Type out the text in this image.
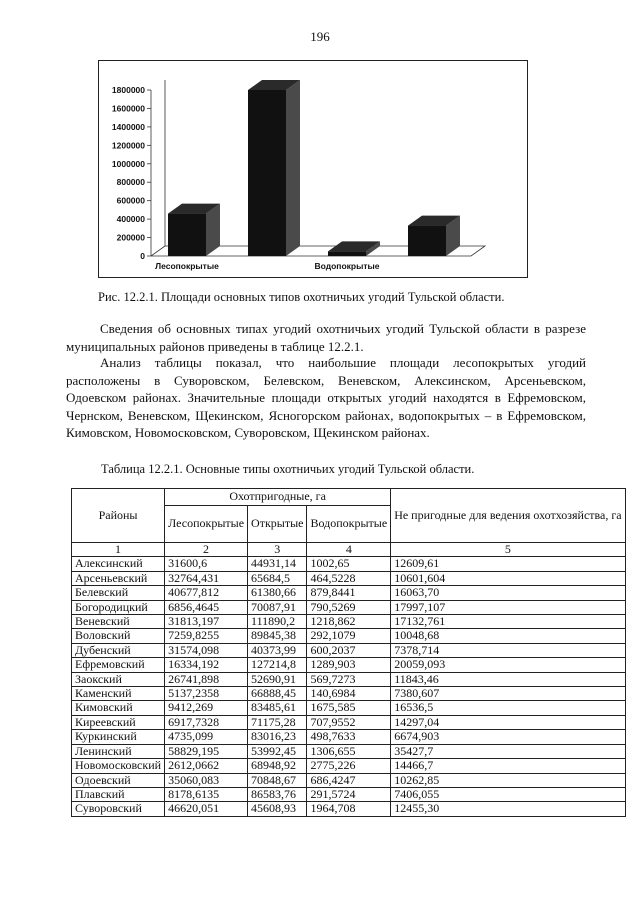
196
0
200000
400000
600000
800000
1000000
1200000
1400000
1600000
1800000
Лесопокрытые	Водопокрытые
Рис. 12.2.1. Площади основных типов охотничьих угодий Тульской области.

Сведения об основных типах угодий охотничьих угодий Тульской области в разрезе муниципальных районов приведены в таблице 12.2.1.

Анализ таблицы показал, что наибольшие площади лесопокрытых угодий расположены в Суворовском, Белевском, Веневском, Алексинском, Арсеньевском, Одоевском районах. Значительные площади открытых угодий находятся в Ефремовском, Чернском, Веневском, Щекинском, Ясногорском районах, водопокрытых – в Ефремовском, Кимовском, Новомосковском, Суворовском, Щекинском районах.

Таблица 12.2.1. Основные типы охотничьих угодий Тульской области.
Районы	Охотпригодные, га			Не пригодные для ведения охотхозяйства, га
	Лесопокрытые	Открытые	Водопокрытые	
1	2	3	4	5
Алексинский	31600,6	44931,14	1002,65	12609,61
Арсеньевский	32764,431	65684,5	464,5228	10601,604
Белевский	40677,812	61380,66	879,8441	16063,70
Богородицкий	6856,4645	70087,91	790,5269	17997,107
Веневский	31813,197	111890,2	1218,862	17132,761
Воловский	7259,8255	89845,38	292,1079	10048,68
Дубенский	31574,098	40373,99	600,2037	7378,714
Ефремовский	16334,192	127214,8	1289,903	20059,093
Заокский	26741,898	52690,91	569,7273	11843,46
Каменский	5137,2358	66888,45	140,6984	7380,607
Кимовский	9412,269	83485,61	1675,585	16536,5
Киреевский	6917,7328	71175,28	707,9552	14297,04
Куркинский	4735,099	83016,23	498,7633	6674,903
Ленинский	58829,195	53992,45	1306,655	35427,7
Новомосковский	2612,0662	68948,92	2775,226	14466,7
Одоевский	35060,083	70848,67	686,4247	10262,85
Плавский	8178,6135	86583,76	291,5724	7406,055
Суворовский	46620,051	45608,93	1964,708	12455,30
